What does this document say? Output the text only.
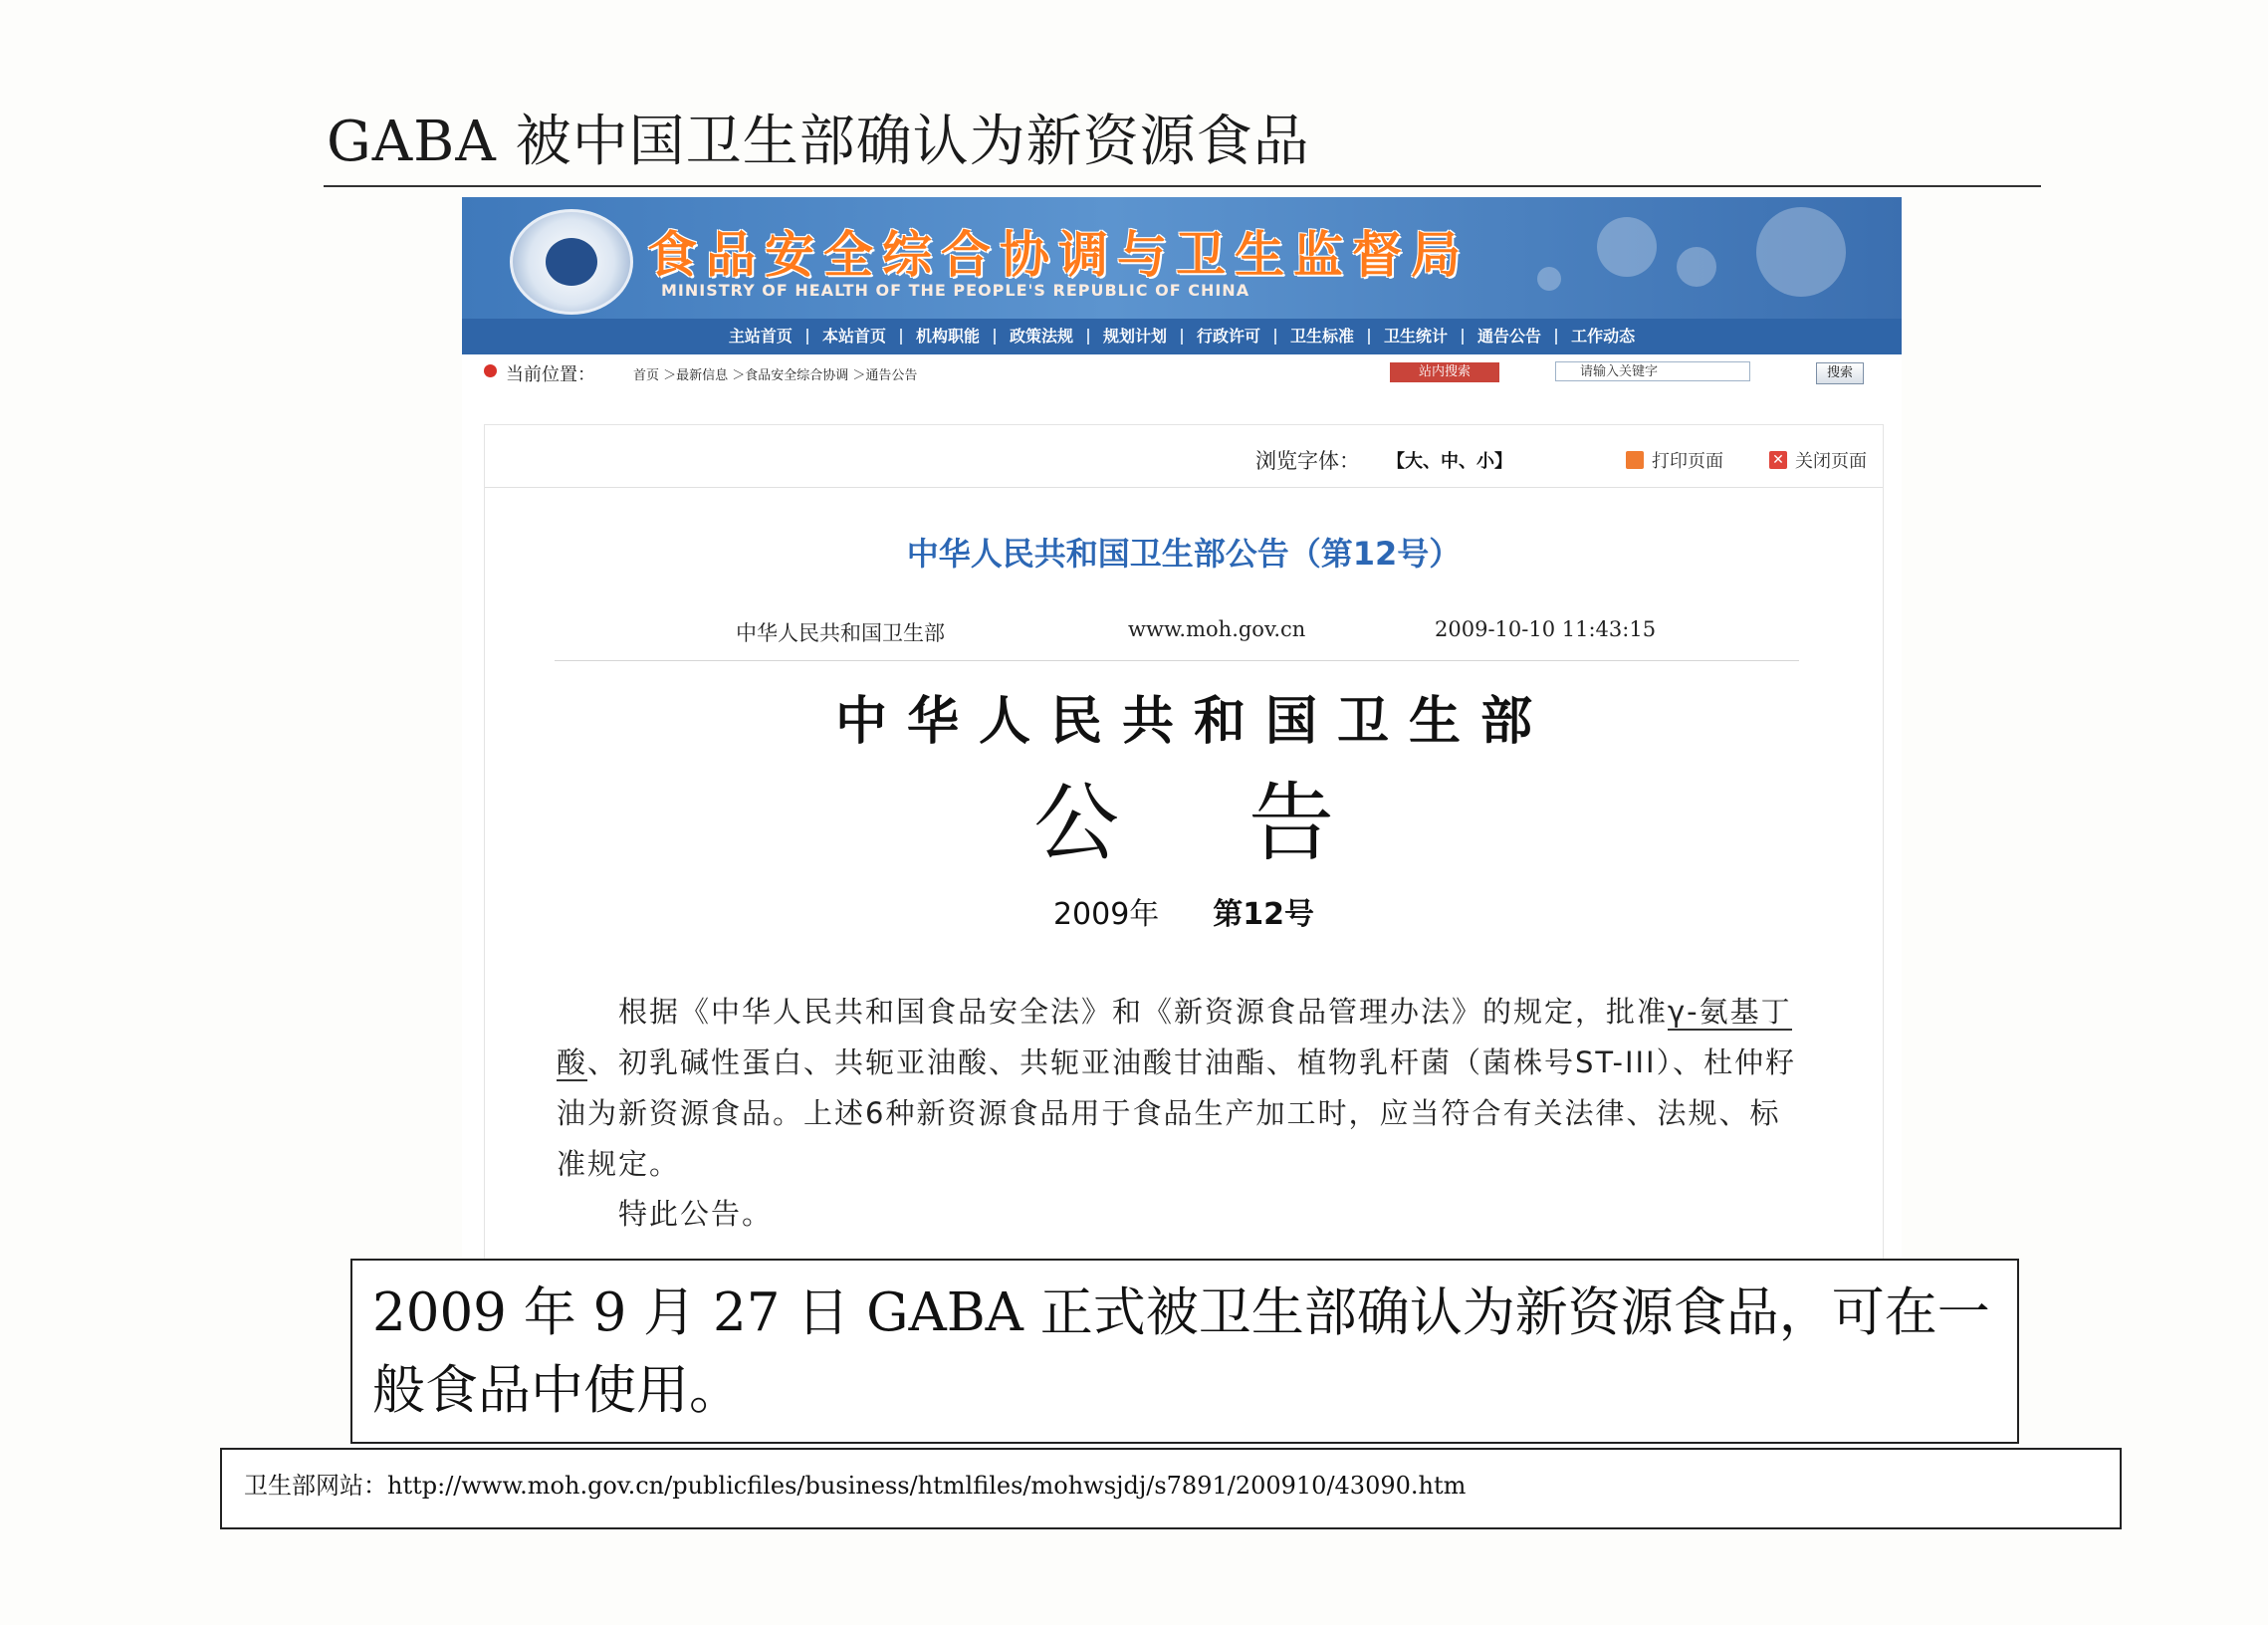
GABA 被中国卫生部确认为新资源食品
食品安全综合协调与卫生监督局
MINISTRY OF HEALTH OF THE PEOPLE'S REPUBLIC OF CHINA
主站首页	本站首页	机构职能	政策法规	规划计划	行政许可	卫生标准	卫生统计	通告公告	工作动态
当前位置：	首页 ＞最新信息 ＞食品安全综合协调 ＞通告公告	站内搜索	请输入关键字	搜索
浏览字体： 【大、中、小】	打印页面	✕ 关闭页面
中华人民共和国卫生部公告（第12号）
中华人民共和国卫生部	www.moh.gov.cn	2009-10-10 11:43:15
中华人民共和国卫生部
公告
2009年 第12号

根据《中华人民共和国食品安全法》和《新资源食品管理办法》的规定，批准γ-氨基丁酸、初乳碱性蛋白、共轭亚油酸、共轭亚油酸甘油酯、植物乳杆菌（菌株号ST-III）、杜仲籽油为新资源食品。上述6种新资源食品用于食品生产加工时，应当符合有关法律、法规、标准规定。

特此公告。
2009 年 9 月 27 日 GABA 正式被卫生部确认为新资源食品，可在一般食品中使用。
卫生部网站：http://www.moh.gov.cn/publicfiles/business/htmlfiles/mohwsjdj/s7891/200910/43090.htm
